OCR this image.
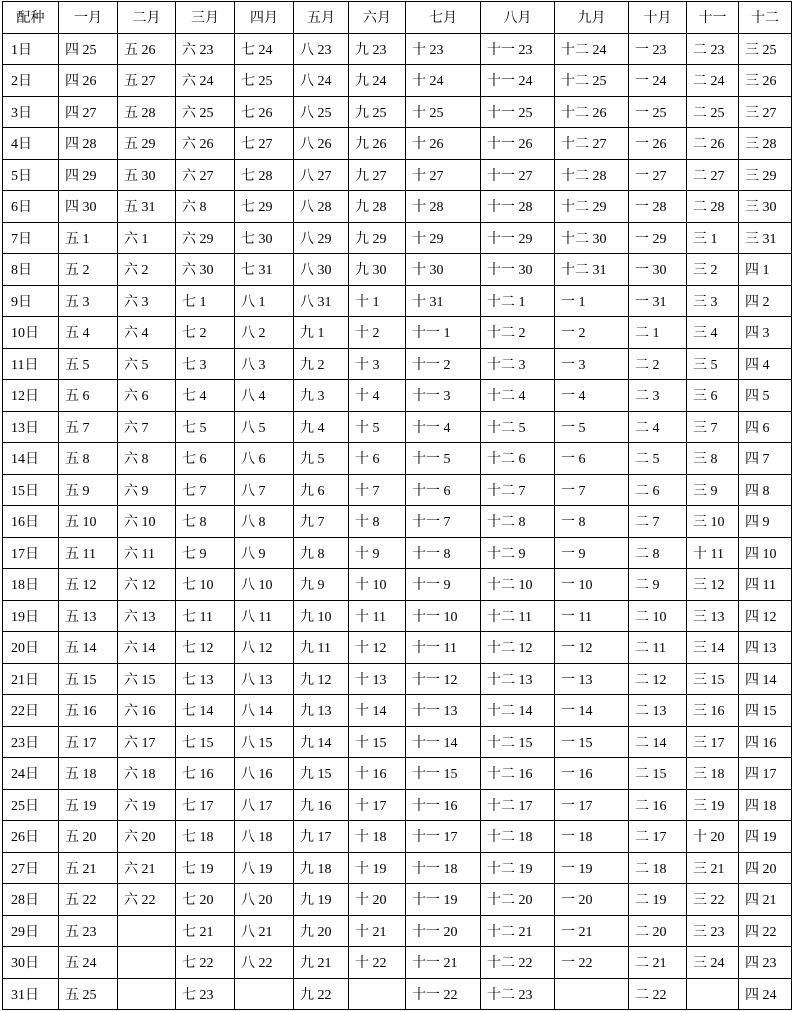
配种	一月	二月	三月	四月	五月	六月	七月	八月	九月	十月	十一	十二
1日	四 25	五 26	六 23	七 24	八 23	九 23	十 23	十一 23	十二 24	一 23	二 23	三 25
2日	四 26	五 27	六 24	七 25	八 24	九 24	十 24	十一 24	十二 25	一 24	二 24	三 26
3日	四 27	五 28	六 25	七 26	八 25	九 25	十 25	十一 25	十二 26	一 25	二 25	三 27
4日	四 28	五 29	六 26	七 27	八 26	九 26	十 26	十一 26	十二 27	一 26	二 26	三 28
5日	四 29	五 30	六 27	七 28	八 27	九 27	十 27	十一 27	十二 28	一 27	二 27	三 29
6日	四 30	五 31	六 8	七 29	八 28	九 28	十 28	十一 28	十二 29	一 28	二 28	三 30
7日	五 1	六 1	六 29	七 30	八 29	九 29	十 29	十一 29	十二 30	一 29	三 1	三 31
8日	五 2	六 2	六 30	七 31	八 30	九 30	十 30	十一 30	十二 31	一 30	三 2	四 1
9日	五 3	六 3	七 1	八 1	八 31	十 1	十 31	十二 1	一 1	一 31	三 3	四 2
10日	五 4	六 4	七 2	八 2	九 1	十 2	十一 1	十二 2	一 2	二 1	三 4	四 3
11日	五 5	六 5	七 3	八 3	九 2	十 3	十一 2	十二 3	一 3	二 2	三 5	四 4
12日	五 6	六 6	七 4	八 4	九 3	十 4	十一 3	十二 4	一 4	二 3	三 6	四 5
13日	五 7	六 7	七 5	八 5	九 4	十 5	十一 4	十二 5	一 5	二 4	三 7	四 6
14日	五 8	六 8	七 6	八 6	九 5	十 6	十一 5	十二 6	一 6	二 5	三 8	四 7
15日	五 9	六 9	七 7	八 7	九 6	十 7	十一 6	十二 7	一 7	二 6	三 9	四 8
16日	五 10	六 10	七 8	八 8	九 7	十 8	十一 7	十二 8	一 8	二 7	三 10	四 9
17日	五 11	六 11	七 9	八 9	九 8	十 9	十一 8	十二 9	一 9	二 8	十 11	四 10
18日	五 12	六 12	七 10	八 10	九 9	十 10	十一 9	十二 10	一 10	二 9	三 12	四 11
19日	五 13	六 13	七 11	八 11	九 10	十 11	十一 10	十二 11	一 11	二 10	三 13	四 12
20日	五 14	六 14	七 12	八 12	九 11	十 12	十一 11	十二 12	一 12	二 11	三 14	四 13
21日	五 15	六 15	七 13	八 13	九 12	十 13	十一 12	十二 13	一 13	二 12	三 15	四 14
22日	五 16	六 16	七 14	八 14	九 13	十 14	十一 13	十二 14	一 14	二 13	三 16	四 15
23日	五 17	六 17	七 15	八 15	九 14	十 15	十一 14	十二 15	一 15	二 14	三 17	四 16
24日	五 18	六 18	七 16	八 16	九 15	十 16	十一 15	十二 16	一 16	二 15	三 18	四 17
25日	五 19	六 19	七 17	八 17	九 16	十 17	十一 16	十二 17	一 17	二 16	三 19	四 18
26日	五 20	六 20	七 18	八 18	九 17	十 18	十一 17	十二 18	一 18	二 17	十 20	四 19
27日	五 21	六 21	七 19	八 19	九 18	十 19	十一 18	十二 19	一 19	二 18	三 21	四 20
28日	五 22	六 22	七 20	八 20	九 19	十 20	十一 19	十二 20	一 20	二 19	三 22	四 21
29日	五 23		七 21	八 21	九 20	十 21	十一 20	十二 21	一 21	二 20	三 23	四 22
30日	五 24		七 22	八 22	九 21	十 22	十一 21	十二 22	一 22	二 21	三 24	四 23
31日	五 25		七 23		九 22		十一 22	十二 23		二 22		四 24
